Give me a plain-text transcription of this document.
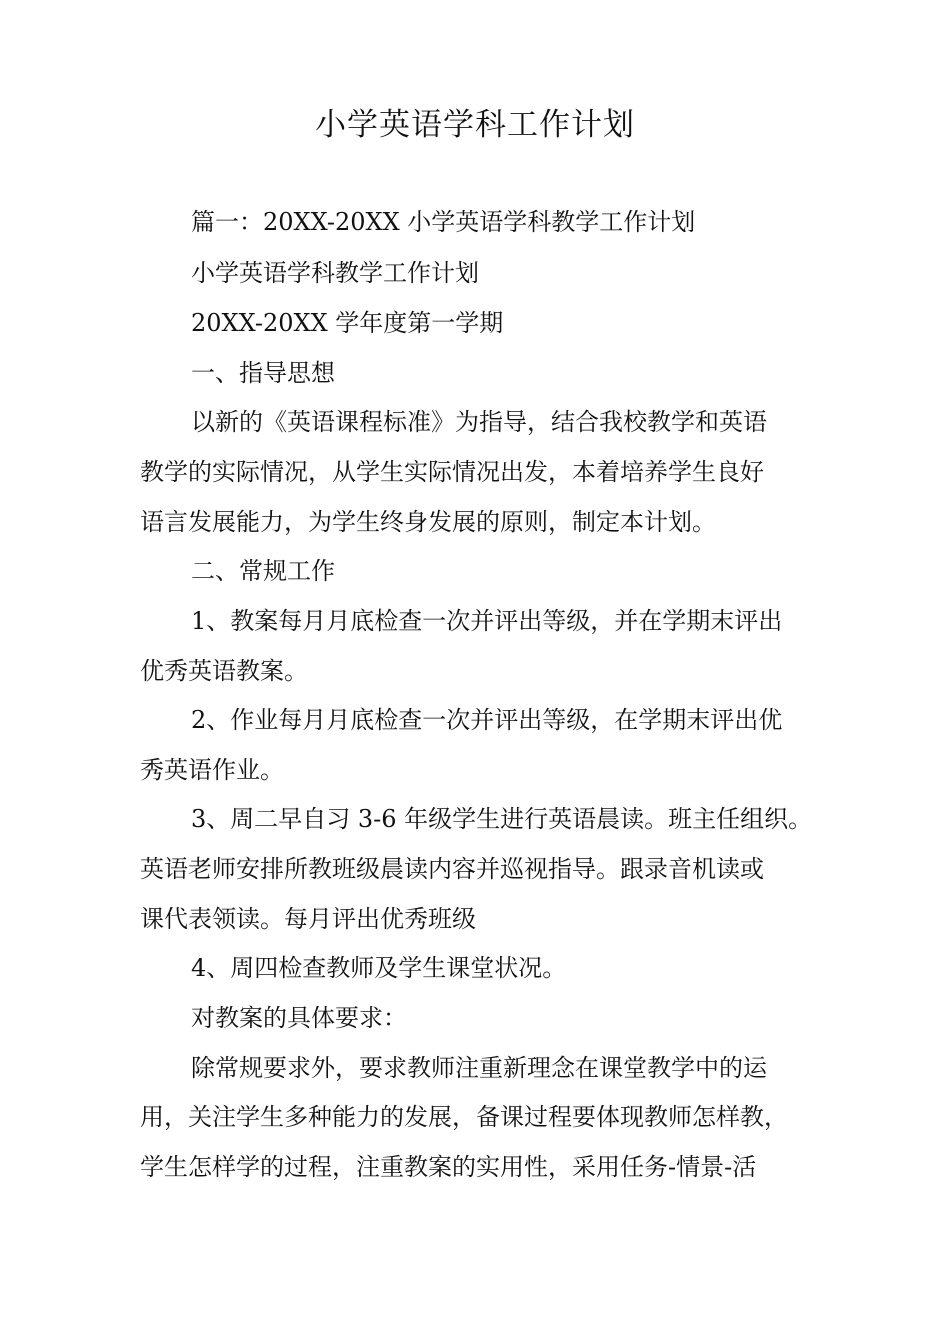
小学英语学科工作计划

篇一：20XX-20XX 小学英语学科教学工作计划

小学英语学科教学工作计划

20XX-20XX 学年度第一学期

一、指导思想

以新的《英语课程标准》为指导，结合我校教学和英语

教学的实际情况，从学生实际情况出发，本着培养学生良好

语言发展能力，为学生终身发展的原则，制定本计划。

二、常规工作

1、教案每月月底检查一次并评出等级，并在学期末评出

优秀英语教案。

2、作业每月月底检查一次并评出等级，在学期末评出优

秀英语作业。

3、周二早自习 3-6 年级学生进行英语晨读。班主任组织。

英语老师安排所教班级晨读内容并巡视指导。跟录音机读或

课代表领读。每月评出优秀班级

4、周四检查教师及学生课堂状况。

对教案的具体要求：

除常规要求外，要求教师注重新理念在课堂教学中的运

用，关注学生多种能力的发展，备课过程要体现教师怎样教，

学生怎样学的过程，注重教案的实用性，采用任务-情景-活
